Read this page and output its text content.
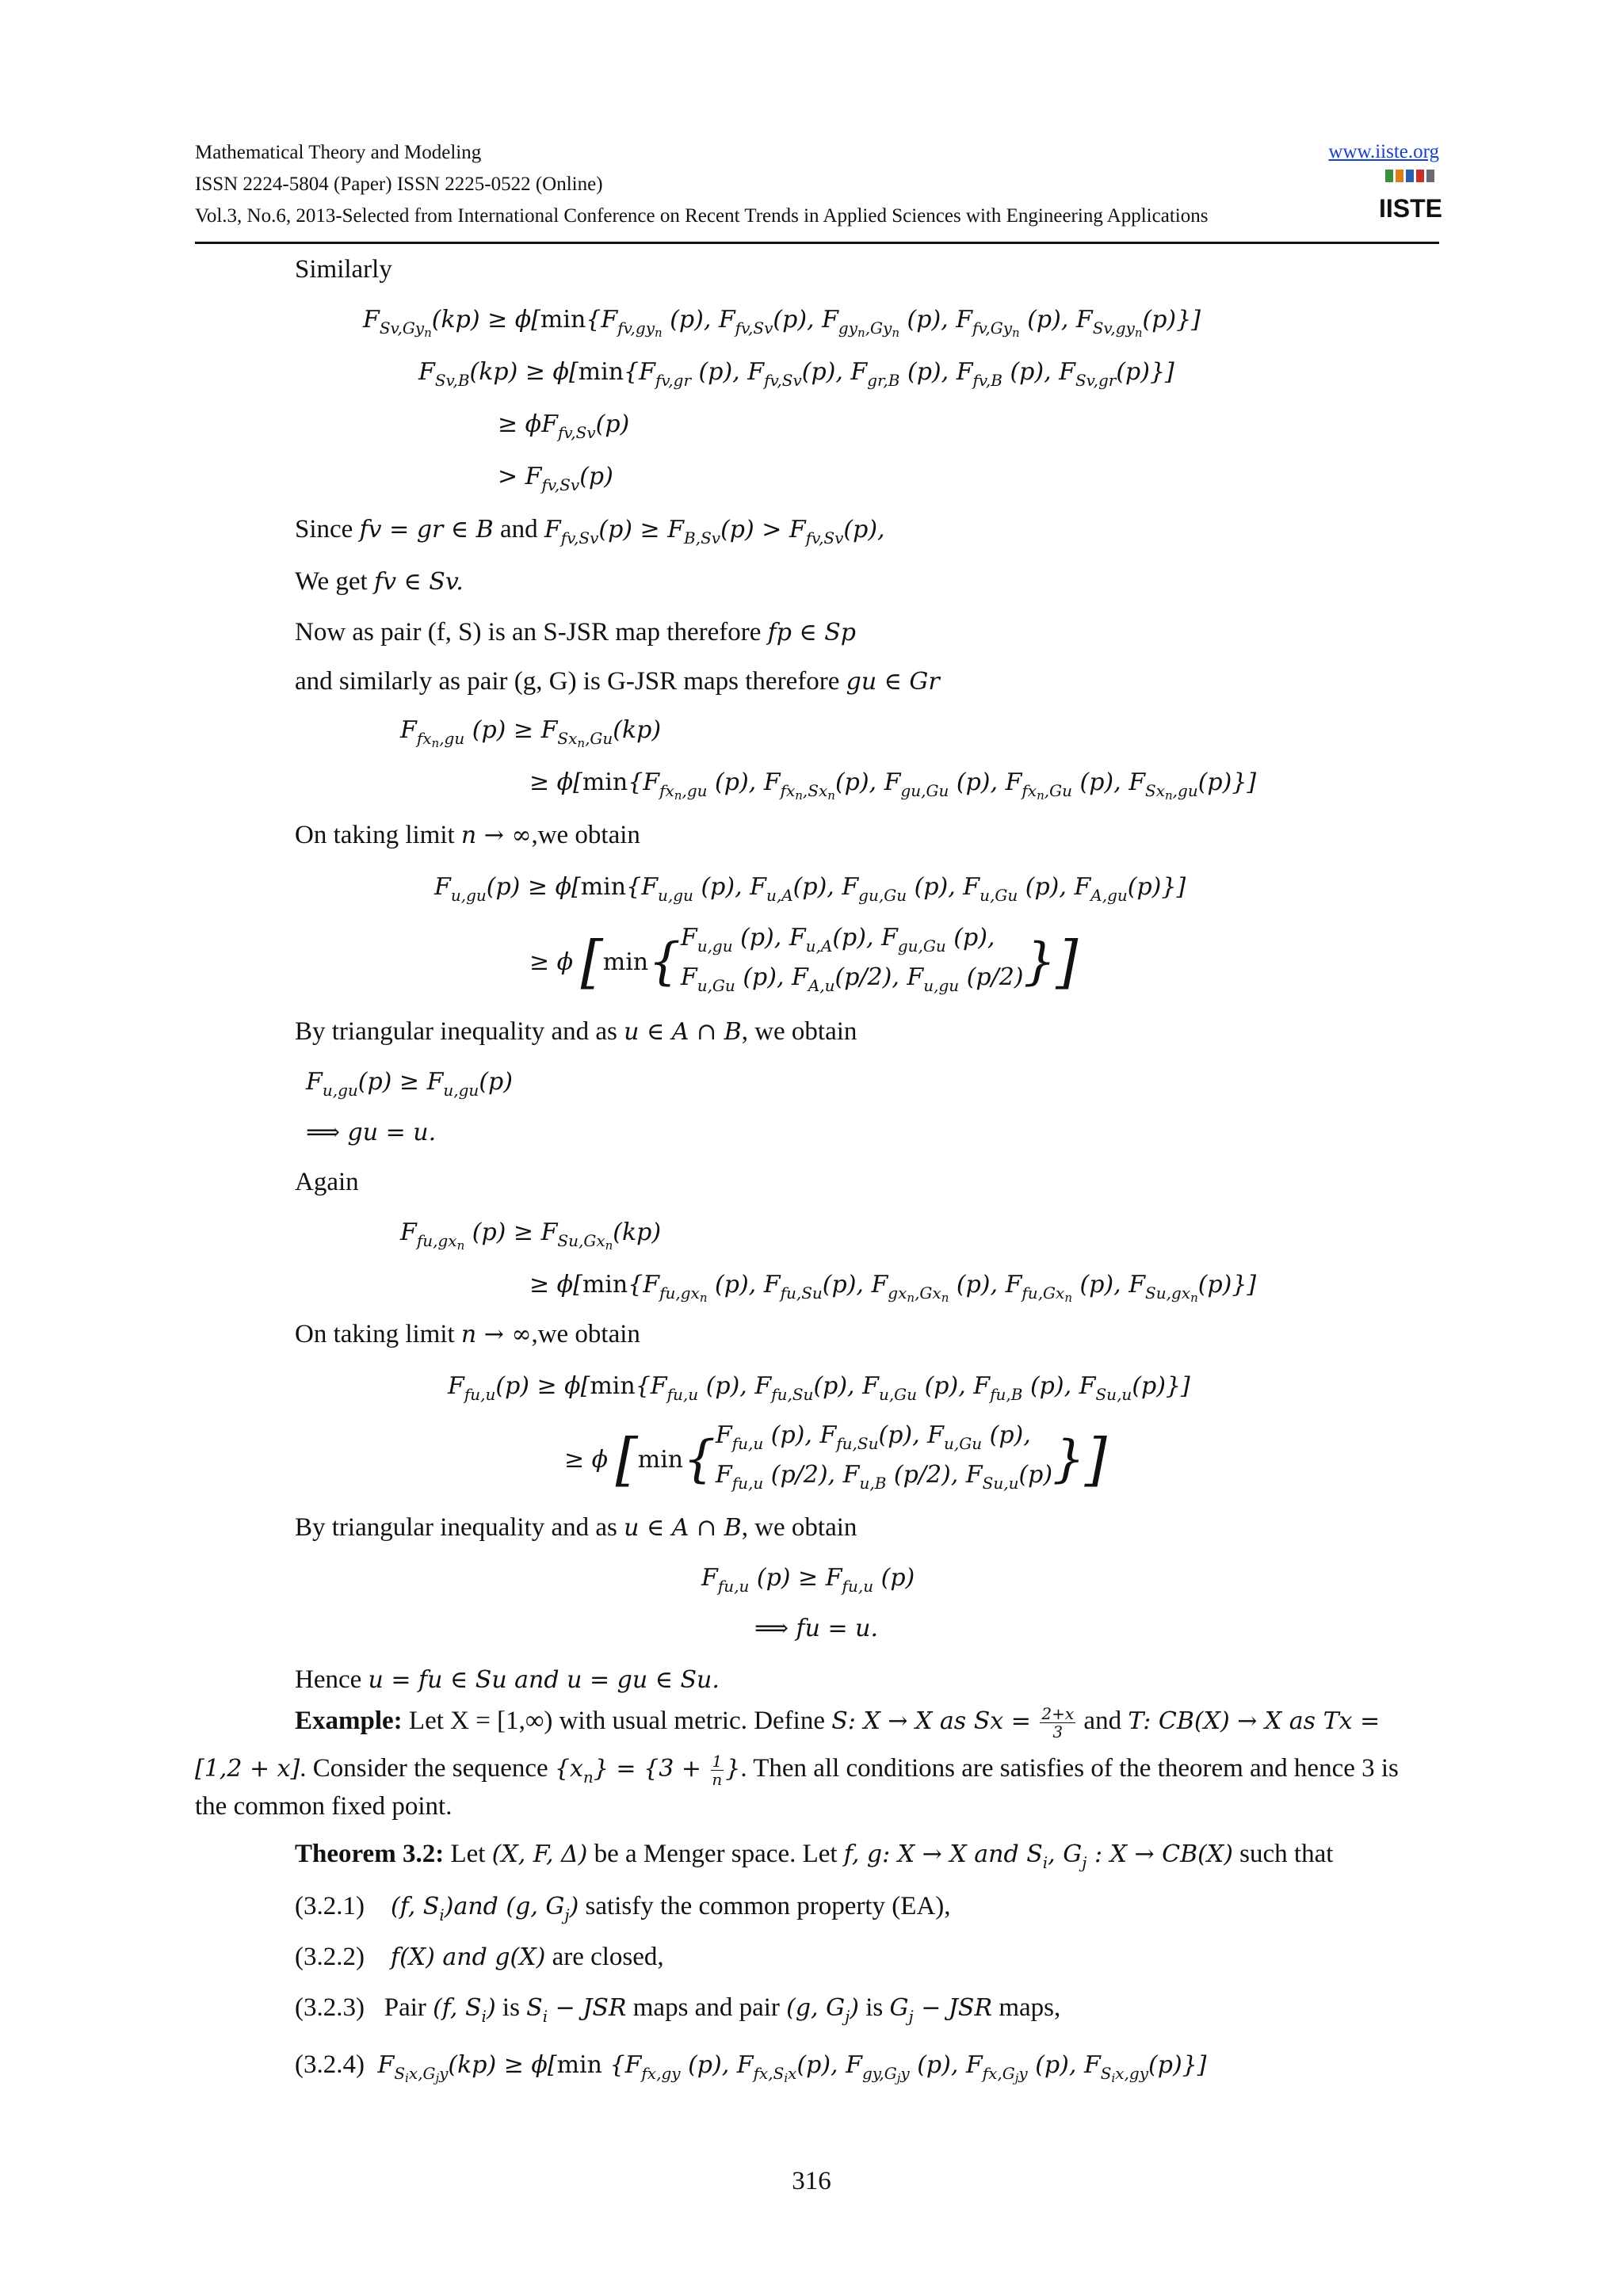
Mathematical Theory and Modeling
ISSN 2224-5804 (Paper) ISSN 2225-0522 (Online)
Vol.3, No.6, 2013-Selected from International Conference on Recent Trends in Applied Sciences with Engineering Applications
www.iiste.org
IISTE
Similarly
$F_{Sv,Gy_n}(kp) \ge \phi[\min\{F_{fv,gy_n}$ (p), $F_{fv,Sv}(p)$, $F_{gy_n,Gy_n}$ (p), $F_{fv,Gy_n}$ (p), $F_{Sv,gy_n}(p)$}]
$F_{Sv,B}(kp) \ge \phi[\min\{F_{fv,gr}$ (p), $F_{fv,Sv}(p)$, $F_{gr,B}$ (p), $F_{fv,B}$ (p), $F_{Sv,gr}(p)$}]
≥ $\phi F_{fv,Sv}(p)$
> $F_{fv,Sv}(p)$
Since fv = gr ∈ B and $F_{fv,Sv}(p) \ge F_{B,Sv}(p) > F_{fv,Sv}(p)$,
We get fv ∈ Sv.
Now as pair (f, S) is an S-JSR map therefore fp ∈ Sp
and similarly as pair (g, G) is G-JSR maps therefore gu ∈ Gr
$F_{fx_n,gu}$ $(p) \ge F_{Sx_n,Gu}(kp)$
≥ $\phi[\min\{F_{fx_n,gu}$ (p), $F_{fx_n,Sx_n}(p)$, $F_{gu,Gu}$ (p), $F_{fx_n,Gu}$ (p), $F_{Sx_n,gu}(p)$}]
On taking limit n → ∞,we obtain
$F_{u,gu}(p) \ge \phi[\min\{F_{u,gu}$ (p), $F_{u,A}(p)$, $F_{gu,Gu}$ (p), $F_{u,Gu}$ (p), $F_{A,gu}(p)$}]
≥ ϕ [ min { $F_{u,gu}$ (p), $F_{u,A}(p)$, $F_{gu,Gu}$ (p),
$F_{u,Gu}$ (p), $F_{A,u}(p/2)$, $F_{u,gu}$ (p/2) } ]
By triangular inequality and as u ∈ A ∩ B, we obtain
$F_{u,gu}(p) \ge F_{u,gu}(p)$
⟹ gu = u.
Again
$F_{fu,gx_n}$ $(p) \ge F_{Su,Gx_n}(kp)$
≥ $\phi[\min\{F_{fu,gx_n}$ (p), $F_{fu,Su}(p)$, $F_{gx_n,Gx_n}$ (p), $F_{fu,Gx_n}$ (p), $F_{Su,gx_n}(p)$}]
On taking limit n → ∞,we obtain
$F_{fu,u}(p) \ge \phi[\min\{F_{fu,u}$ (p), $F_{fu,Su}(p)$, $F_{u,Gu}$ (p), $F_{fu,B}$ (p), $F_{Su,u}(p)$}]
≥ ϕ [ min { $F_{fu,u}$ (p), $F_{fu,Su}(p)$, $F_{u,Gu}$ (p),
$F_{fu,u}$ (p/2), $F_{u,B}$ (p/2), $F_{Su,u}(p)$ } ]
By triangular inequality and as u ∈ A ∩ B, we obtain
$F_{fu,u}$ $(p) \ge F_{fu,u}$ (p)
⟹ fu = u.
Hence u = fu ∈ Su and u = gu ∈ Su.
Example: Let X = [1,∞) with usual metric. Define S: X → X as $Sx = \frac{2+x}{3}$ and T: CB(X) → X as Tx =
[1,2 + x]. Consider the sequence $\{x_n\} = \{3 + \frac{1}{n}$ }. Then all conditions are satisfies of the theorem and hence 3 is
the common fixed point.
Theorem 3.2: Let (X, F, Δ) be a Menger space. Let f, g: X → X and $S_i$, $G_j$ : X → CB(X) such that
(3.2.1) (f, $S_i)and$ (g, $G_j$) satisfy the common property (EA),
(3.2.2) f(X) and g(X) are closed,
(3.2.3) Pair (f, $S_i$) is $S_i$ − JSR maps and pair (g, $G_j$) is $G_j$ − JSR maps,
(3.2.4) $F_{S_ix,G_jy}(kp) \ge \phi[\min$ {$F_{fx,gy}$ (p), $F_{fx,S_ix}(p)$, $F_{gy,G_jy}$ (p), $F_{fx,G_jy}$ (p), $F_{S_ix,gy}(p)$}]
316
